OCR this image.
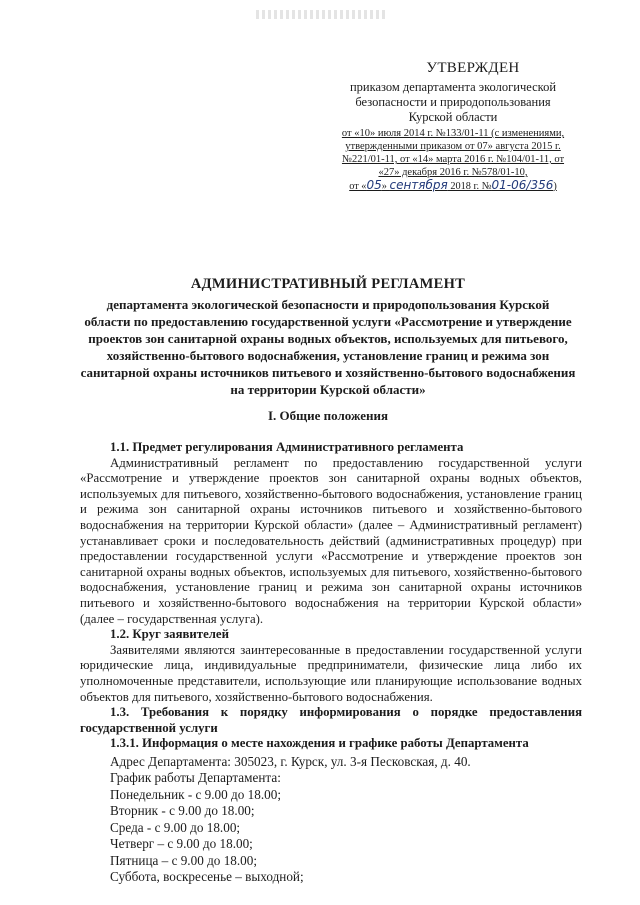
УТВЕРЖДЕН
приказом департамента экологической
безопасности и природопользования
Курской области
от «10» июля 2014 г. №133/01-11 (с изменениями,
утвержденными приказом от 07» августа 2015 г.
№221/01-11, от «14» марта 2016 г. №104/01-11, от
«27» декабря 2016 г. №578/01-10,
от «05» сентября 2018 г. №01-06/356)
АДМИНИСТРАТИВНЫЙ РЕГЛАМЕНТ
департамента экологической безопасности и природопользования Курской
области по предоставлению государственной услуги «Рассмотрение и утверждение
проектов зон санитарной охраны водных объектов, используемых для питьевого,
хозяйственно-бытового водоснабжения, установление границ и режима зон
санитарной охраны источников питьевого и хозяйственно-бытового водоснабжения
на территории Курской области»
I. Общие положения

1.1. Предмет регулирования Административного регламента

Административный регламент по предоставлению государственной услуги «Рассмотрение и утверждение проектов зон санитарной охраны водных объектов, используемых для питьевого, хозяйственно-бытового водоснабжения, установление границ и режима зон санитарной охраны источников питьевого и хозяйственно-бытового водоснабжения на территории Курской области» (далее – Административный регламент) устанавливает сроки и последовательность действий (административных процедур) при предоставлении государственной услуги «Рассмотрение и утверждение проектов зон санитарной охраны водных объектов, используемых для питьевого, хозяйственно-бытового водоснабжения, установление границ и режима зон санитарной охраны источников питьевого и хозяйственно-бытового водоснабжения на территории Курской области» (далее – государственная услуга).

1.2. Круг заявителей

Заявителями являются заинтересованные в предоставлении государственной услуги юридические лица, индивидуальные предприниматели, физические лица либо их уполномоченные представители, использующие или планирующие использование водных объектов для питьевого, хозяйственно-бытового водоснабжения.

1.3. Требования к порядку информирования о порядке предоставления государственной услуги

1.3.1. Информация о месте нахождения и графике работы Департамента

Адрес Департамента: 305023, г. Курск, ул. 3-я Песковская, д. 40.

График работы Департамента:

Понедельник - с 9.00 до 18.00;

Вторник - с 9.00 до 18.00;

Среда - с 9.00 до 18.00;

Четверг – с 9.00 до 18.00;

Пятница – с 9.00 до 18.00;

Суббота, воскресенье – выходной;
